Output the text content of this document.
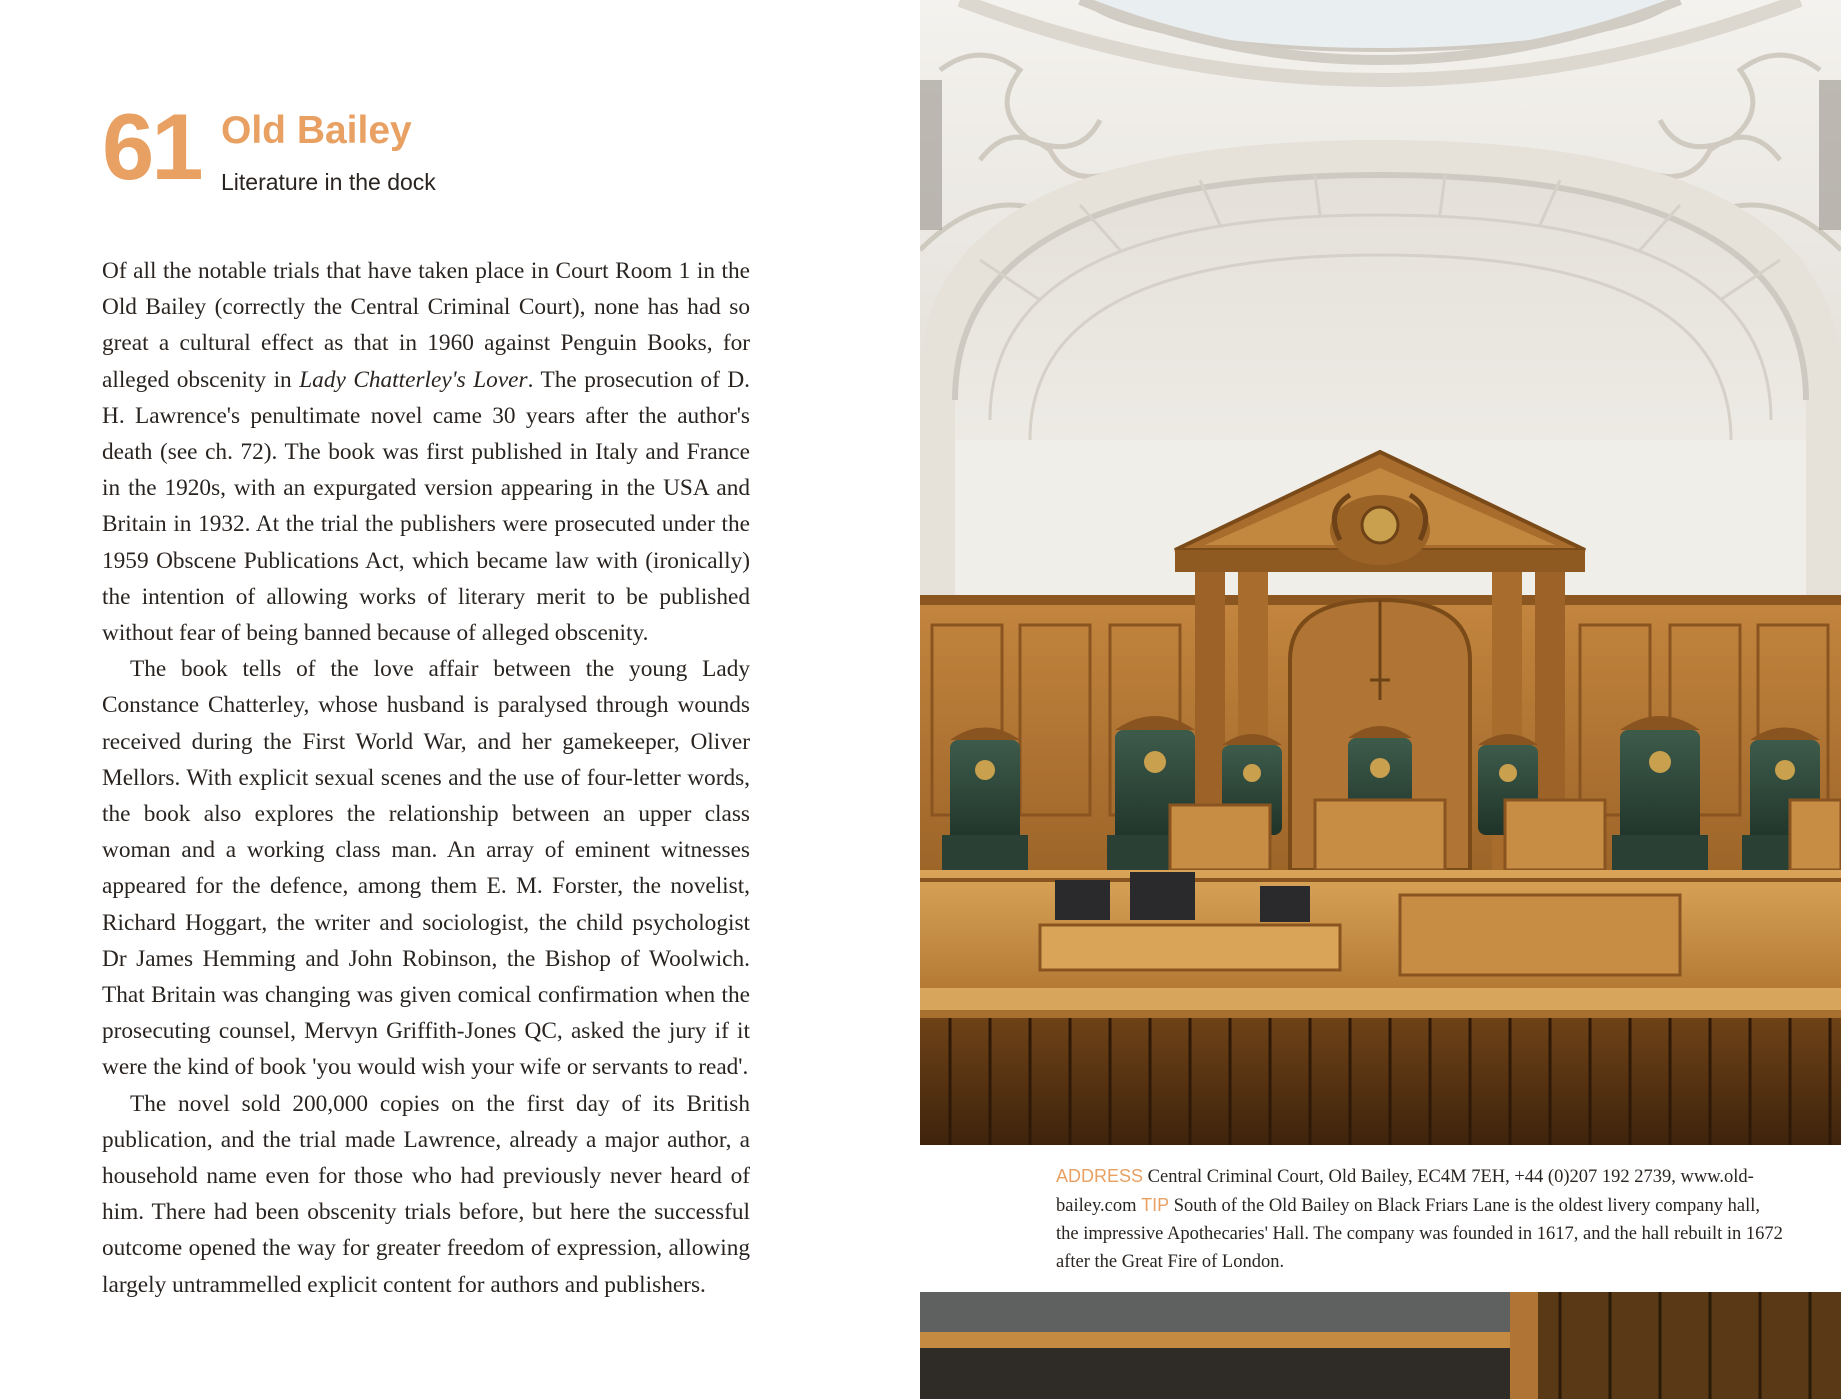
61 Old Bailey
Literature in the dock

Of all the notable trials that have taken place in Court Room 1 in the Old Bailey (correctly the Central Criminal Court), none has had so great a cultural effect as that in 1960 against Penguin Books, for alleged obscenity in Lady Chatterley's Lover. The prosecution of D. H. Lawrence's penultimate novel came 30 years after the author's death (see ch. 72). The book was first published in Italy and France in the 1920s, with an expurgated version appearing in the USA and Britain in 1932. At the trial the publishers were prosecuted under the 1959 Obscene Publications Act, which became law with (ironically) the intention of allowing works of literary merit to be published without fear of being banned because of alleged obscenity.

The book tells of the love affair between the young Lady Constance Chatterley, whose husband is paralysed through wounds received during the First World War, and her gamekeeper, Oliver Mellors. With explicit sexual scenes and the use of four-letter words, the book also explores the relationship between an upper class woman and a working class man. An array of eminent witnesses appeared for the defence, among them E. M. Forster, the novelist, Richard Hoggart, the writer and sociologist, the child psychologist Dr James Hemming and John Robinson, the Bishop of Woolwich. That Britain was changing was given comical confirmation when the prosecuting counsel, Mervyn Griffith-Jones QC, asked the jury if it were the kind of book 'you would wish your wife or servants to read'.

The novel sold 200,000 copies on the first day of its British publication, and the trial made Lawrence, already a major author, a household name even for those who had previously never heard of him. There had been obscenity trials before, but here the successful outcome opened the way for greater freedom of expression, allowing largely untrammelled explicit content for authors and publishers.

ADDRESS Central Criminal Court, Old Bailey, EC4M 7EH, +44 (0)207 192 2739, www.old-bailey.com TIP South of the Old Bailey on Black Friars Lane is the oldest livery company hall, the impressive Apothecaries' Hall. The company was founded in 1617, and the hall rebuilt in 1672 after the Great Fire of London.
